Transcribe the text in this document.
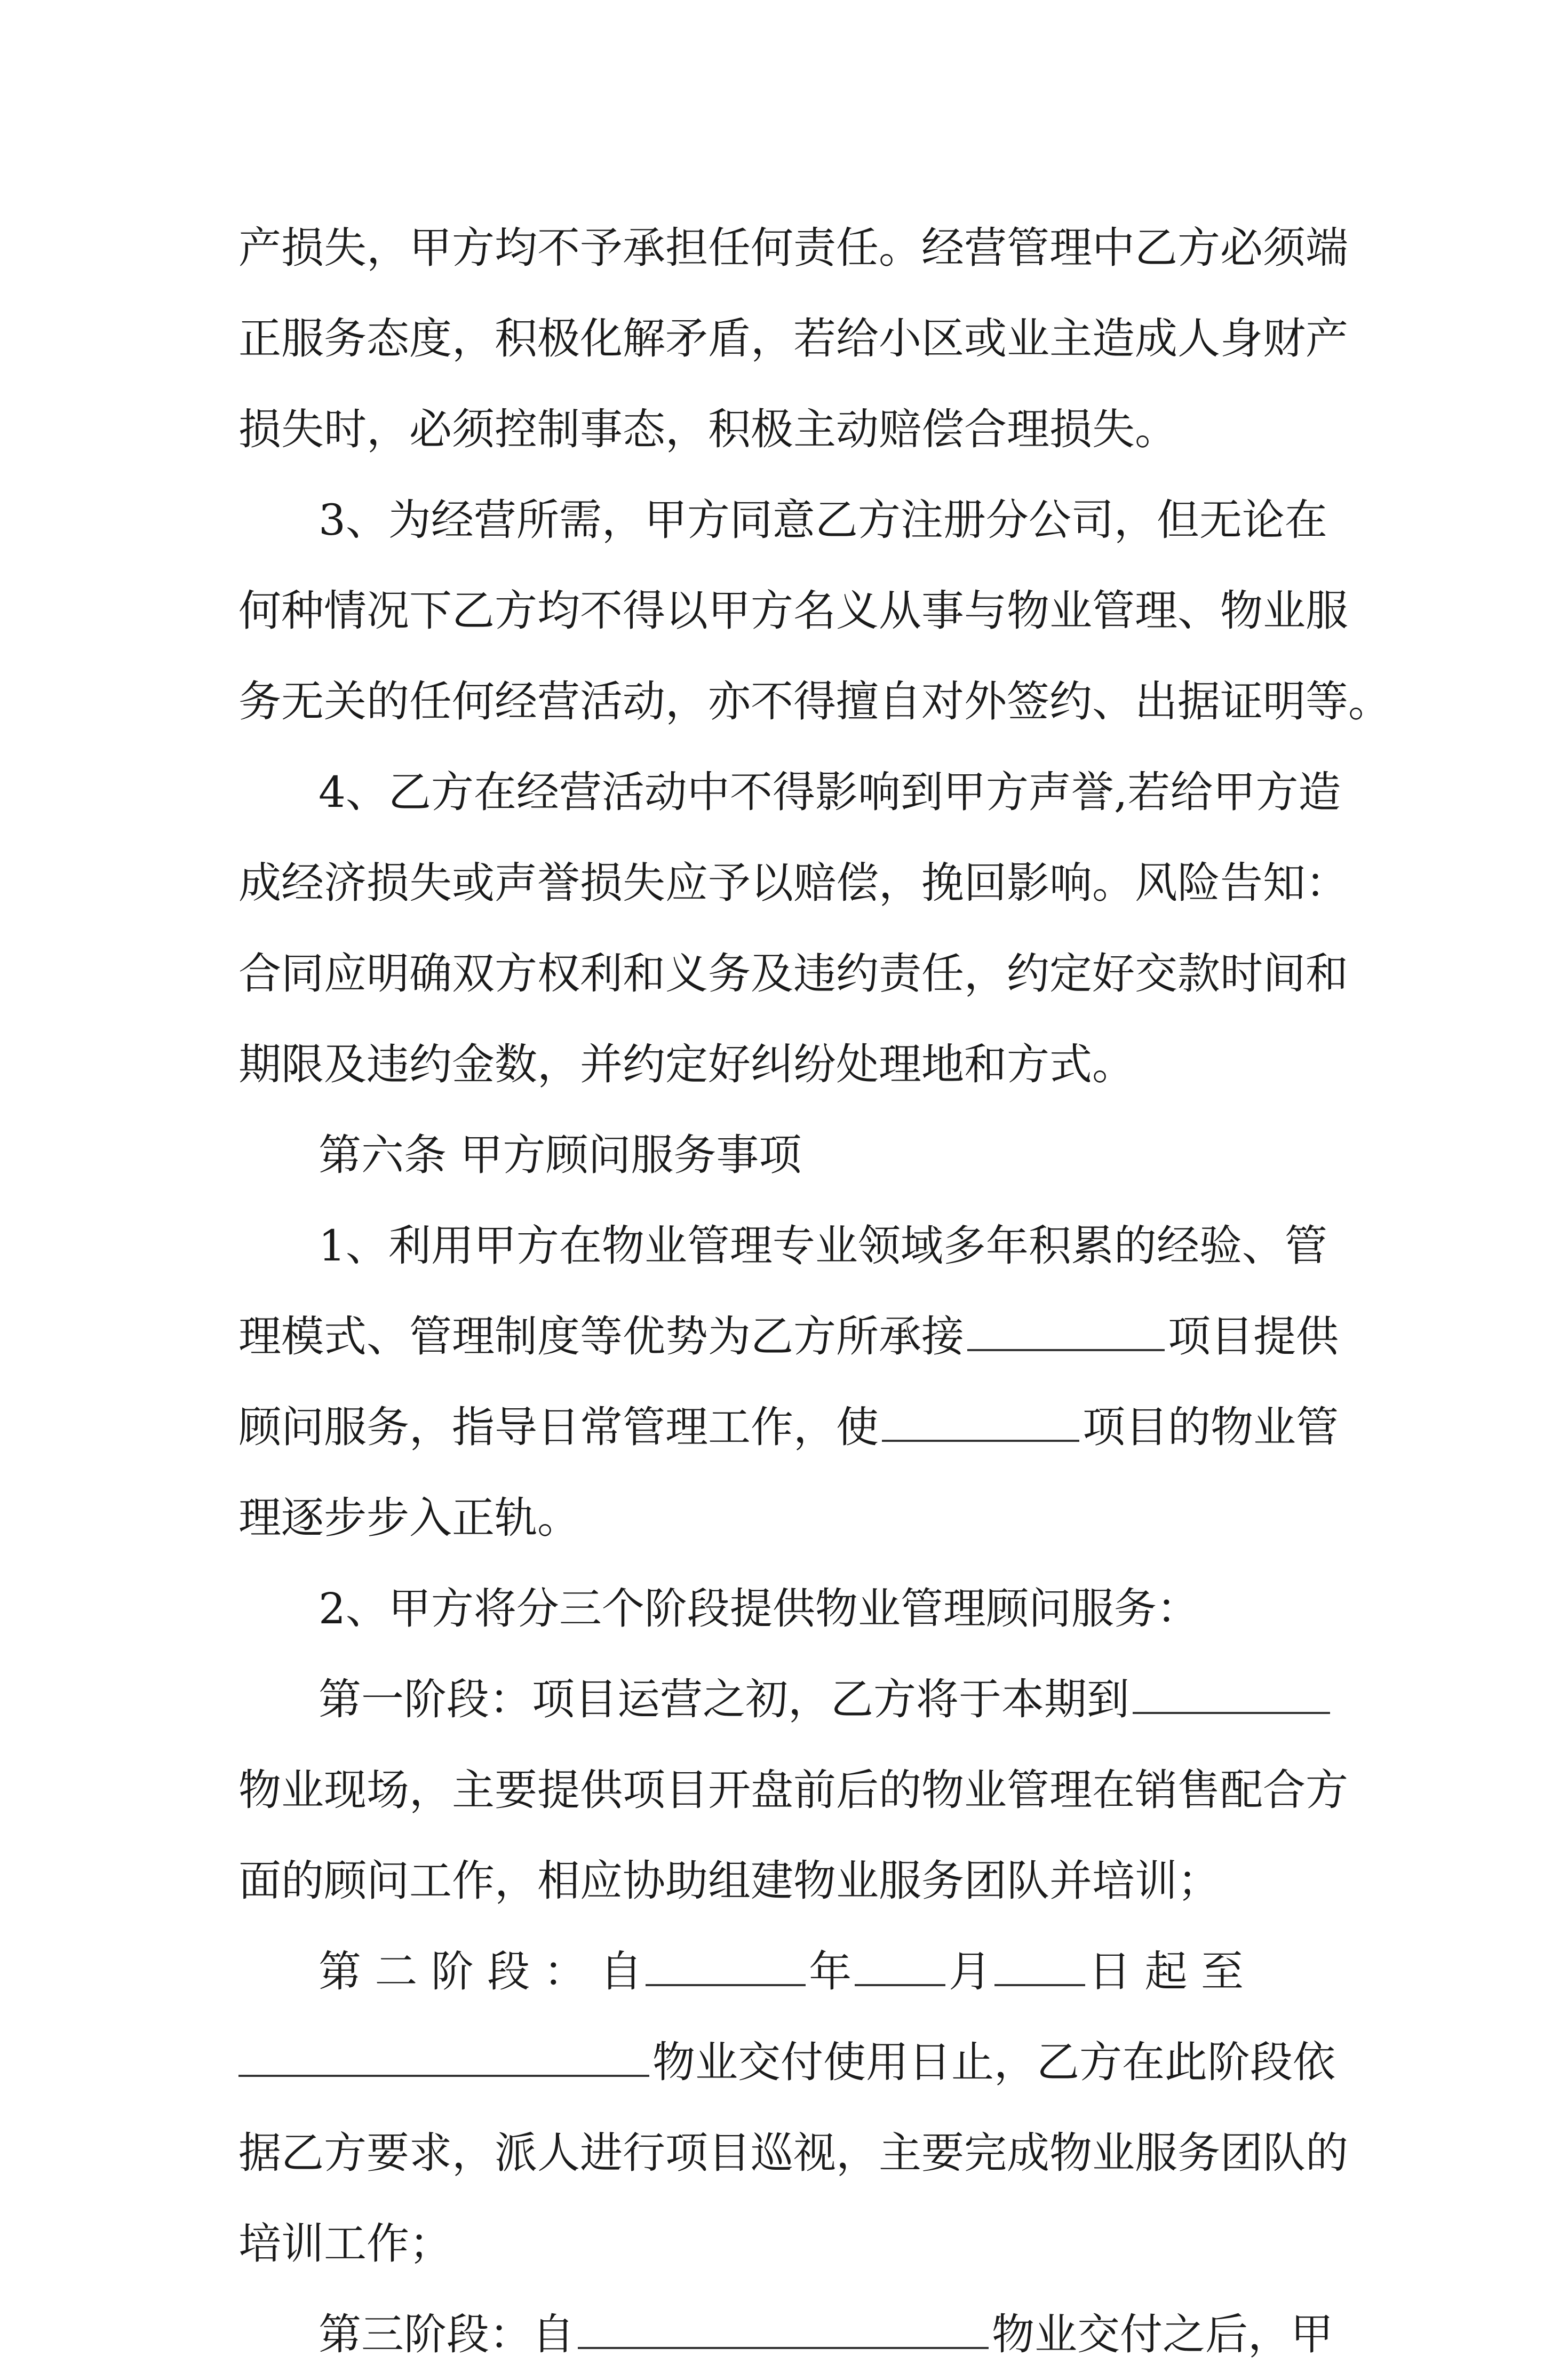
产损失，甲方均不予承担任何责任。经营管理中乙方必须端
正服务态度，积极化解矛盾，若给小区或业主造成人身财产
损失时，必须控制事态，积极主动赔偿合理损失。
3、为经营所需，甲方同意乙方注册分公司，但无论在
何种情况下乙方均不得以甲方名义从事与物业管理、物业服
务无关的任何经营活动，亦不得擅自对外签约、出据证明等。
4、乙方在经营活动中不得影响到甲方声誉,若给甲方造
成经济损失或声誉损失应予以赔偿，挽回影响。风险告知：
合同应明确双方权利和义务及违约责任，约定好交款时间和
期限及违约金数，并约定好纠纷处理地和方式。
第六条 甲方顾问服务事项
1、利用甲方在物业管理专业领域多年积累的经验、管
理模式、管理制度等优势为乙方所承接	项目提供
顾问服务，指导日常管理工作，使	项目的物业管
理逐步步入正轨。
2、甲方将分三个阶段提供物业管理顾问服务：
第一阶段：项目运营之初，乙方将于本期到
物业现场，主要提供项目开盘前后的物业管理在销售配合方
面的顾问工作，相应协助组建物业服务团队并培训；
第 二 阶 段 ： 自	年 月 日 起 至
物业交付使用日止，乙方在此阶段依
据乙方要求，派人进行项目巡视，主要完成物业服务团队的
培训工作；
第三阶段：自	物业交付之后，甲
